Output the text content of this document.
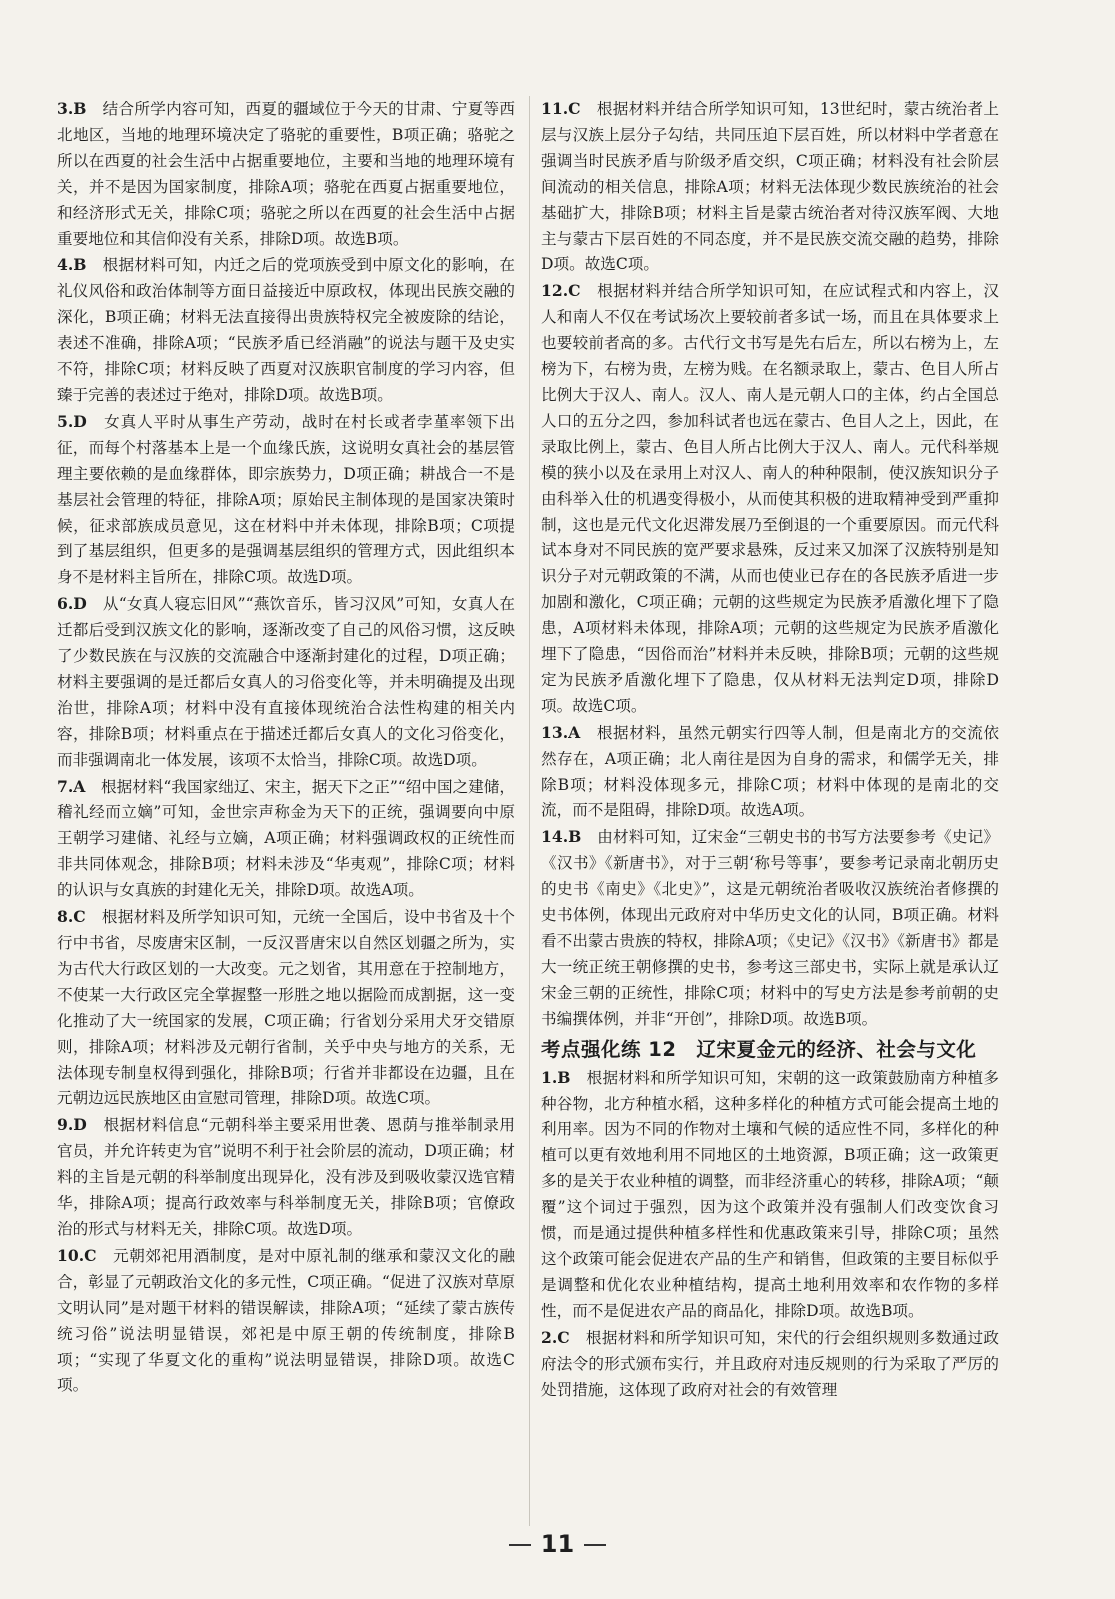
3.B　 结合所学内容可知，西夏的疆域位于今天的甘肃、宁夏等西北地区，当地的地理环境决定了骆驼的重要性，B项正确；骆驼之所以在西夏的社会生活中占据重要地位，主要和当地的地理环境有关，并不是因为国家制度，排除A项；骆驼在西夏占据重要地位，和经济形式无关，排除C项；骆驼之所以在西夏的社会生活中占据重要地位和其信仰没有关系，排除D项。故选B项。

4.B　 根据材料可知，内迁之后的党项族受到中原文化的影响，在礼仪风俗和政治体制等方面日益接近中原政权，体现出民族交融的深化，B项正确；材料无法直接得出贵族特权完全被废除的结论，表述不准确，排除A项；“民族矛盾已经消融”的说法与题干及史实不符，排除C项；材料反映了西夏对汉族职官制度的学习内容，但臻于完善的表述过于绝对，排除D项。故选B项。

5.D　 女真人平时从事生产劳动，战时在村长或者孛堇率领下出征，而每个村落基本上是一个血缘氏族，这说明女真社会的基层管理主要依赖的是血缘群体，即宗族势力，D项正确；耕战合一不是基层社会管理的特征，排除A项；原始民主制体现的是国家决策时候，征求部族成员意见，这在材料中并未体现，排除B项；C项提到了基层组织，但更多的是强调基层组织的管理方式，因此组织本身不是材料主旨所在，排除C项。故选D项。

6.D　 从“女真人寝忘旧风”“燕饮音乐，皆习汉风”可知，女真人在迁都后受到汉族文化的影响，逐渐改变了自己的风俗习惯，这反映了少数民族在与汉族的交流融合中逐渐封建化的过程，D项正确；材料主要强调的是迁都后女真人的习俗变化等，并未明确提及出现治世，排除A项；材料中没有直接体现统治合法性构建的相关内容，排除B项；材料重点在于描述迁都后女真人的文化习俗变化，而非强调南北一体发展，该项不太恰当，排除C项。故选D项。

7.A　 根据材料“我国家绌辽、宋主，据天下之正”“绍中国之建储，稽礼经而立嫡”可知，金世宗声称金为天下的正统，强调要向中原王朝学习建储、礼经与立嫡，A项正确；材料强调政权的正统性而非共同体观念，排除B项；材料未涉及“华夷观”，排除C项；材料的认识与女真族的封建化无关，排除D项。故选A项。

8.C　 根据材料及所学知识可知，元统一全国后，设中书省及十个行中书省，尽废唐宋区制，一反汉晋唐宋以自然区划疆之所为，实为古代大行政区划的一大改变。元之划省，其用意在于控制地方，不使某一大行政区完全掌握整一形胜之地以据险而成割据，这一变化推动了大一统国家的发展，C项正确；行省划分采用犬牙交错原则，排除A项；材料涉及元朝行省制，关乎中央与地方的关系，无法体现专制皇权得到强化，排除B项；行省并非都设在边疆，且在元朝边远民族地区由宣慰司管理，排除D项。故选C项。

9.D　 根据材料信息“元朝科举主要采用世袭、恩荫与推举制录用官员，并允许转吏为官”说明不利于社会阶层的流动，D项正确；材料的主旨是元朝的科举制度出现异化，没有涉及到吸收蒙汉选官精华，排除A项；提高行政效率与科举制度无关，排除B项；官僚政治的形式与材料无关，排除C项。故选D项。

10.C　 元朝郊祀用酒制度，是对中原礼制的继承和蒙汉文化的融合，彰显了元朝政治文化的多元性，C项正确。“促进了汉族对草原文明认同”是对题干材料的错误解读，排除A项；“延续了蒙古族传统习俗”说法明显错误，郊祀是中原王朝的传统制度，排除B项；“实现了华夏文化的重构”说法明显错误，排除D项。故选C项。

11.C　 根据材料并结合所学知识可知，13世纪时，蒙古统治者上层与汉族上层分子勾结，共同压迫下层百姓，所以材料中学者意在强调当时民族矛盾与阶级矛盾交织，C项正确；材料没有社会阶层间流动的相关信息，排除A项；材料无法体现少数民族统治的社会基础扩大，排除B项；材料主旨是蒙古统治者对待汉族军阀、大地主与蒙古下层百姓的不同态度，并不是民族交流交融的趋势，排除D项。故选C项。

12.C　 根据材料并结合所学知识可知，在应试程式和内容上，汉人和南人不仅在考试场次上要较前者多试一场，而且在具体要求上也要较前者高的多。古代行文书写是先右后左，所以右榜为上，左榜为下，右榜为贵，左榜为贱。在名额录取上，蒙古、色目人所占比例大于汉人、南人。汉人、南人是元朝人口的主体，约占全国总人口的五分之四，参加科试者也远在蒙古、色目人之上，因此，在录取比例上，蒙古、色目人所占比例大于汉人、南人。元代科举规模的狭小以及在录用上对汉人、南人的种种限制，使汉族知识分子由科举入仕的机遇变得极小，从而使其积极的进取精神受到严重抑制，这也是元代文化迟滞发展乃至倒退的一个重要原因。而元代科试本身对不同民族的宽严要求悬殊，反过来又加深了汉族特别是知识分子对元朝政策的不满，从而也使业已存在的各民族矛盾进一步加剧和激化，C项正确；元朝的这些规定为民族矛盾激化埋下了隐患，A项材料未体现，排除A项；元朝的这些规定为民族矛盾激化埋下了隐患，“因俗而治”材料并未反映，排除B项；元朝的这些规定为民族矛盾激化埋下了隐患，仅从材料无法判定D项，排除D项。故选C项。

13.A　 根据材料，虽然元朝实行四等人制，但是南北方的交流依然存在，A项正确；北人南往是因为自身的需求，和儒学无关，排除B项；材料没体现多元，排除C项；材料中体现的是南北的交流，而不是阻碍，排除D项。故选A项。

14.B　 由材料可知，辽宋金“三朝史书的书写方法要参考《史记》《汉书》《新唐书》，对于三朝‘称号等事’，要参考记录南北朝历史的史书《南史》《北史》”，这是元朝统治者吸收汉族统治者修撰的史书体例，体现出元政府对中华历史文化的认同，B项正确。材料看不出蒙古贵族的特权，排除A项；《史记》《汉书》《新唐书》都是大一统正统王朝修撰的史书，参考这三部史书，实际上就是承认辽宋金三朝的正统性，排除C项；材料中的写史方法是参考前朝的史书编撰体例，并非“开创”，排除D项。故选B项。

考点强化练 12　辽宋夏金元的经济、社会与文化

1.B　 根据材料和所学知识可知，宋朝的这一政策鼓励南方种植多种谷物，北方种植水稻，这种多样化的种植方式可能会提高土地的利用率。因为不同的作物对土壤和气候的适应性不同，多样化的种植可以更有效地利用不同地区的土地资源，B项正确；这一政策更多的是关于农业种植的调整，而非经济重心的转移，排除A项；“颠覆”这个词过于强烈，因为这个政策并没有强制人们改变饮食习惯，而是通过提供种植多样性和优惠政策来引导，排除C项；虽然这个政策可能会促进农产品的生产和销售，但政策的主要目标似乎是调整和优化农业种植结构，提高土地利用效率和农作物的多样性，而不是促进农产品的商品化，排除D项。故选B项。

2.C　 根据材料和所学知识可知，宋代的行会组织规则多数通过政府法令的形式颁布实行，并且政府对违反规则的行为采取了严厉的处罚措施，这体现了政府对社会的有效管理

11
